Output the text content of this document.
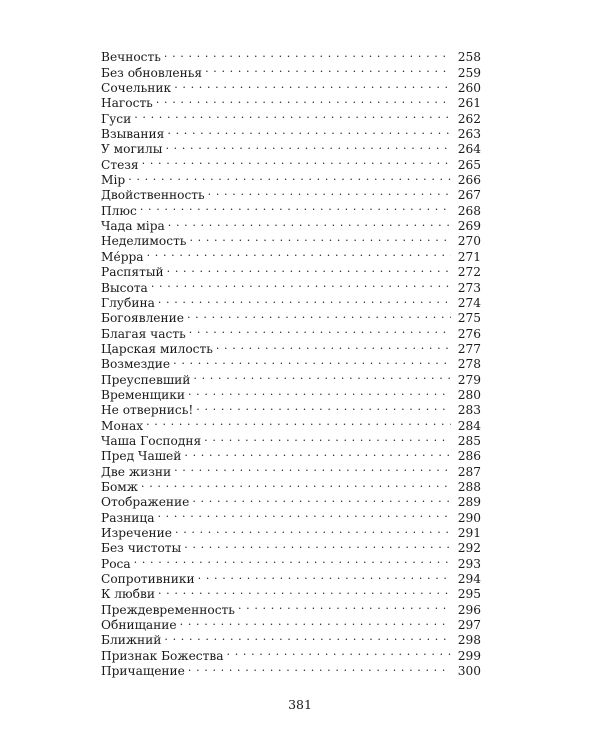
Вечность . . .	258
Без обновленья . . .	259
Сочельник . . .	260
Нагость . . .	261
Гуси . . .	262
Взывания . . .	263
У могилы . . .	264
Стезя . . .	265
Mip . . .	266
Двойственность . . .	267
Плюс . . .	268
Чада міра . . .	269
Неделимость . . .	270
Ме́рра . . .	271
Распятый . . .	272
Высота . . .	273
Глубина . . .	274
Богоявление . . .	275
Благая часть . . .	276
Царская милость . . .	277
Возмездие . . .	278
Преуспевший . . .	279
Временщики . . .	280
Не отвернись! . . .	283
Монах . . .	284
Чаша Господня . . .	285
Пред Чашей . . .	286
Две жизни . . .	287
Бомж . . .	288
Отображение . . .	289
Разница . . .	290
Изречение . . .	291
Без чистоты . . .	292
Роса . . .	293
Сопротивники . . .	294
К любви . . .	295
Преждевременность . . .	296
Обнищание . . .	297
Ближний . . .	298
Признак Божества . . .	299
Причащение . . .	300
381
